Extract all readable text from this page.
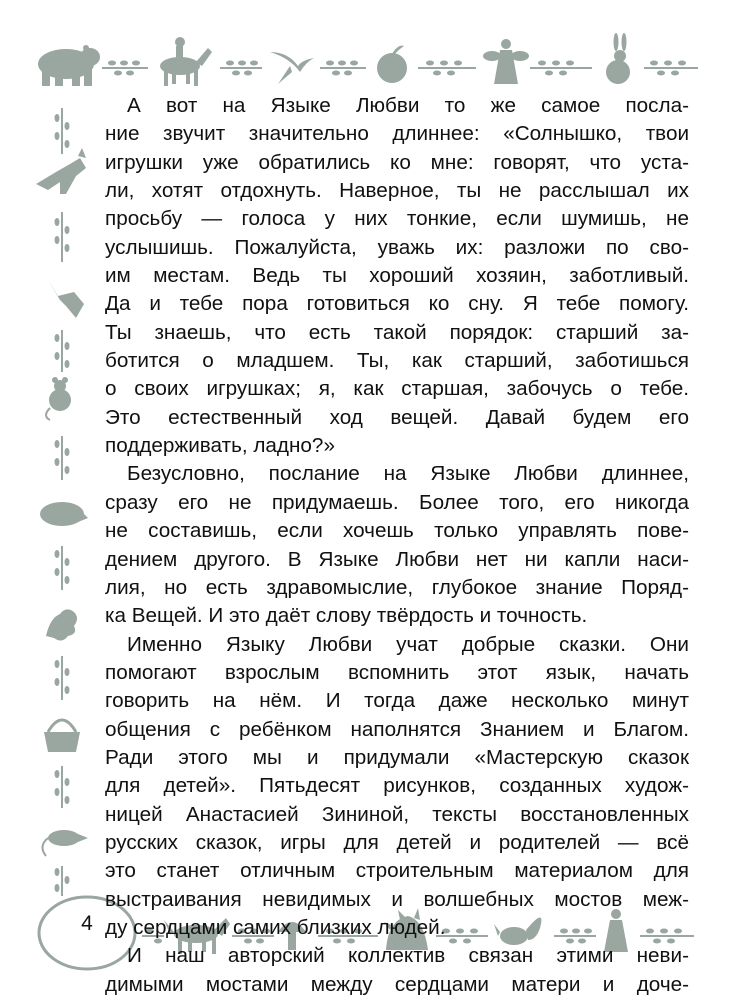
А вот на Языке Любви то же самое посла-
ние звучит значительно длиннее: «Солнышко, твои
игрушки уже обратились ко мне: говорят, что уста-
ли, хотят отдохнуть. Наверное, ты не расслышал их
просьбу — голоса у них тонкие, если шумишь, не
услышишь. Пожалуйста, уважь их: разложи по сво-
им местам. Ведь ты хороший хозяин, заботливый.
Да и тебе пора готовиться ко сну. Я тебе помогу.
Ты знаешь, что есть такой порядок: старший за-
ботится о младшем. Ты, как старший, заботишься
о своих игрушках; я, как старшая, забочусь о тебе.
Это естественный ход вещей. Давай будем его
поддерживать, ладно?»
Безусловно, послание на Языке Любви длиннее,
сразу его не придумаешь. Более того, его никогда
не составишь, если хочешь только управлять пове-
дением другого. В Языке Любви нет ни капли наси-
лия, но есть здравомыслие, глубокое знание Поряд-
ка Вещей. И это даёт слову твёрдость и точность.
Именно Языку Любви учат добрые сказки. Они
помогают взрослым вспомнить этот язык, начать
говорить на нём. И тогда даже несколько минут
общения с ребёнком наполнятся Знанием и Благом.
Ради этого мы и придумали «Мастерскую сказок
для детей». Пятьдесят рисунков, созданных худож-
ницей Анастасией Зининой, тексты восстановленных
русских сказок, игры для детей и родителей — всё
это станет отличным строительным материалом для
выстраивания невидимых и волшебных мостов меж-
ду сердцами самих близких людей.
И наш авторский коллектив связан этими неви-
димыми мостами между сердцами матери и доче-
4
